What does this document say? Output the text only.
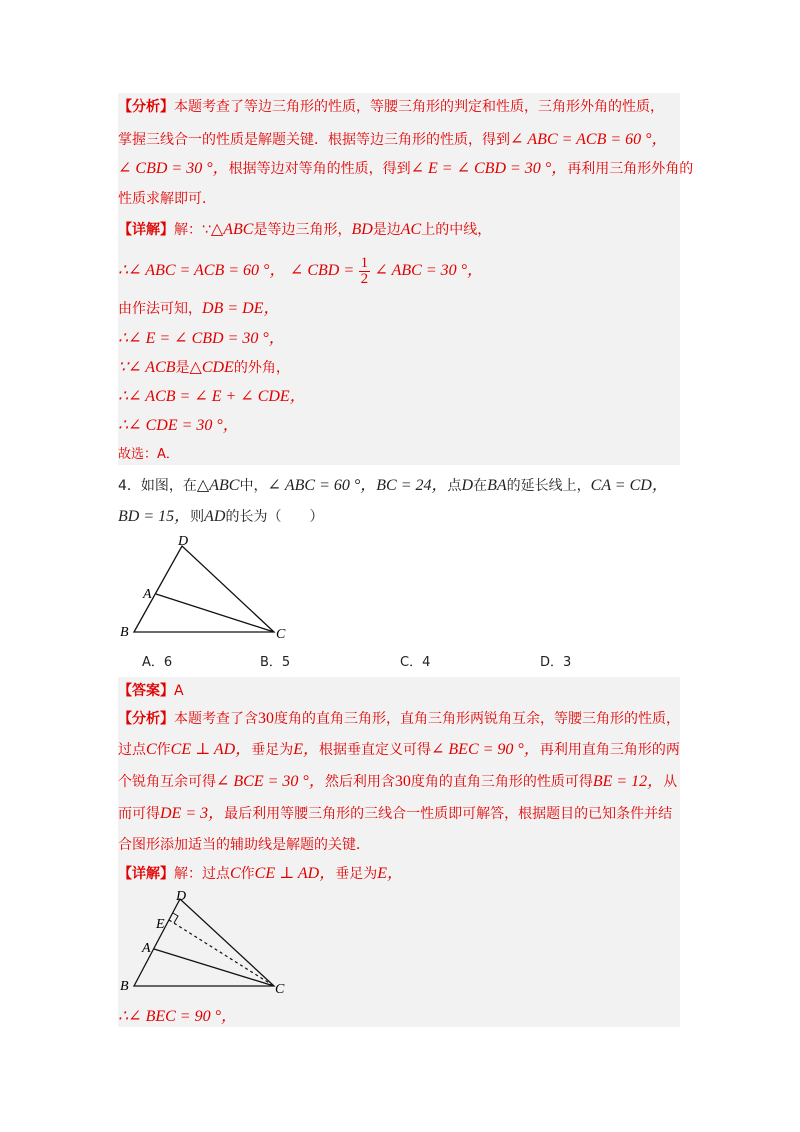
【分析】本题考查了等边三角形的性质，等腰三角形的判定和性质，三角形外角的性质，
掌握三线合一的性质是解题关键．根据等边三角形的性质，得到∠ ABC = ACB = 60 °，
∠ CBD = 30 °，根据等边对等角的性质，得到∠ E = ∠ CBD = 30 °，再利用三角形外角的
性质求解即可．
【详解】解：∵△ABC是等边三角形，BD是边AC上的中线，
∴∠ ABC = ACB = 60 °， ∠ CBD = $\frac{1}{2}$ ∠ ABC = 30 °，
由作法可知，DB = DE，
∴∠ E = ∠ CBD = 30 °，
∵∠ ACB是△CDE的外角，
∴∠ ACB = ∠ E + ∠ CDE，
∴∠ CDE = 30 °，
故选：A．
4．如图，在△ABC中，∠ ABC = 60 °，BC = 24，点D在BA的延长线上，CA = CD，
BD = 15，则AD的长为（　　）
D
A
B	C
A．6	B．5	C．4	D．3
【答案】A
【分析】本题考查了含30度角的直角三角形，直角三角形两锐角互余，等腰三角形的性质，
过点C作CE ⊥ AD，垂足为E，根据垂直定义可得∠ BEC = 90 °，再利用直角三角形的两
个锐角互余可得∠ BCE = 30 °，然后利用含30度角的直角三角形的性质可得BE = 12，从
而可得DE = 3，最后利用等腰三角形的三线合一性质即可解答，根据题目的已知条件并结
合图形添加适当的辅助线是解题的关键．
【详解】解：过点C作CE ⊥ AD，垂足为E，
∴∠ BEC = 90 °，
D
E
A
B	C
